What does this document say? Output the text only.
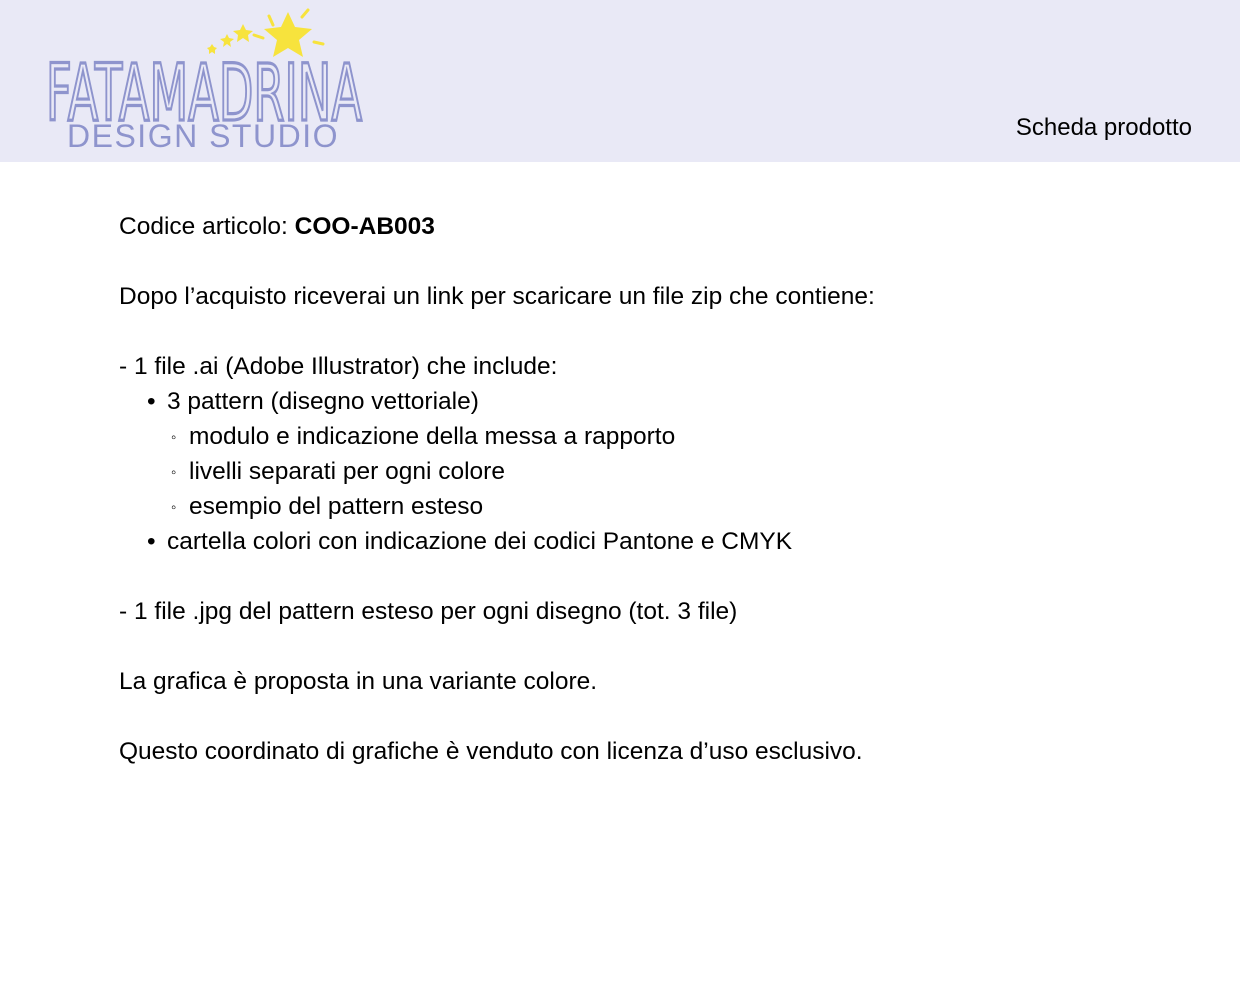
FATAMADRINA
DESIGN STUDIO	Scheda prodotto
Codice articolo: COO-AB003
Dopo l’acquisto riceverai un link per scaricare un file zip che contiene:
- 1 file .ai (Adobe Illustrator) che include:
• 3 pattern (disegno vettoriale)
◦ modulo e indicazione della messa a rapporto
◦ livelli separati per ogni colore
◦ esempio del pattern esteso
• cartella colori con indicazione dei codici Pantone e CMYK
- 1 file .jpg del pattern esteso per ogni disegno (tot. 3 file)
La grafica è proposta in una variante colore.
Questo coordinato di grafiche è venduto con licenza d’uso esclusivo.
